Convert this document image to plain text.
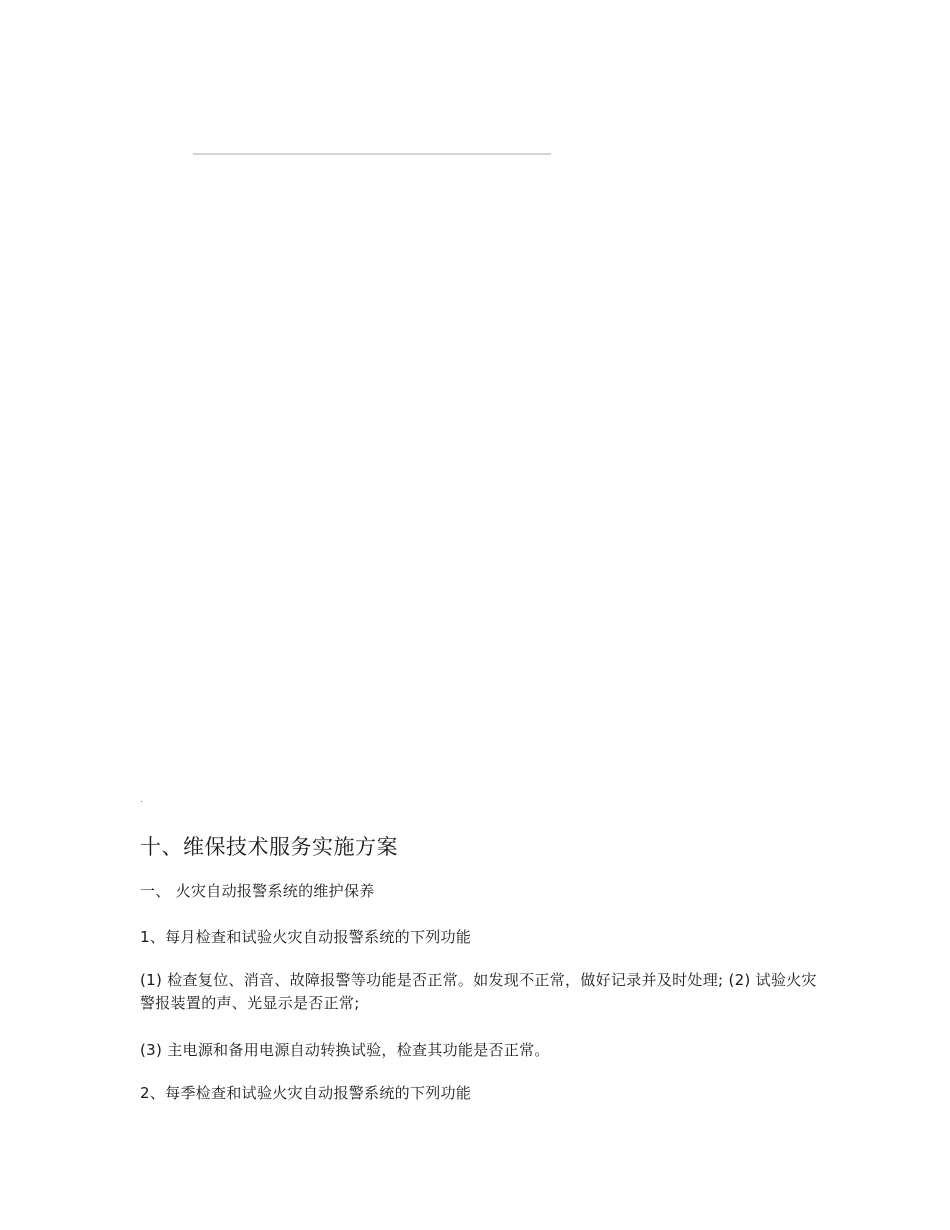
.
十、维保技术服务实施方案

一、 火灾自动报警系统的维护保养

1、每月检查和试验火灾自动报警系统的下列功能

(1) 检查复位、消音、故障报警等功能是否正常。如发现不正常，做好记录并及时处理; (2) 试验火灾警报装置的声、光显示是否正常;

(3) 主电源和备用电源自动转换试验，检查其功能是否正常。

2、每季检查和试验火灾自动报警系统的下列功能
